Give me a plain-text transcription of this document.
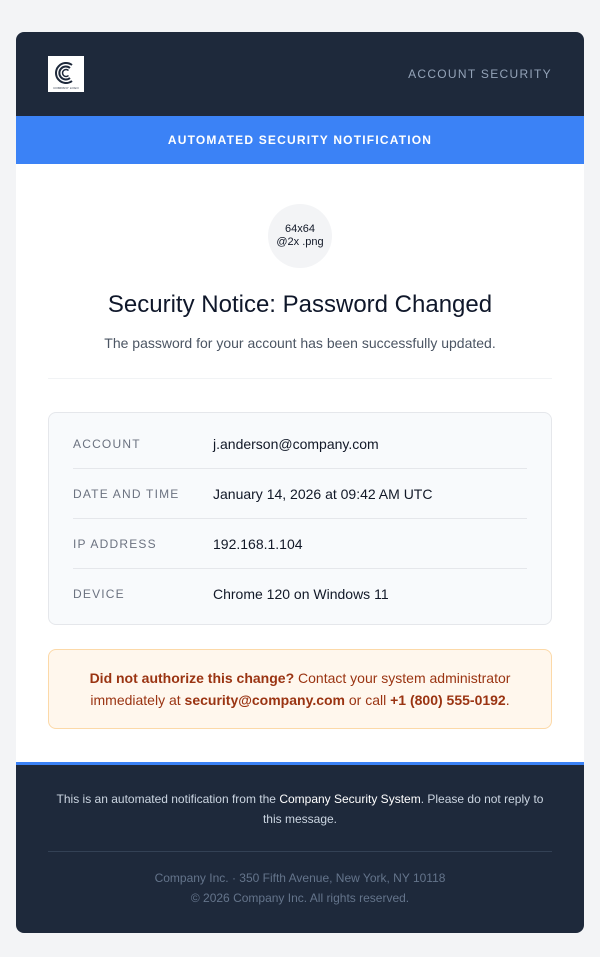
COMPANY LOGO
ACCOUNT SECURITY
AUTOMATED SECURITY NOTIFICATION
64x64
@2x .png
Security Notice: Password Changed

The password for your account has been successfully updated.

ACCOUNT	j.anderson@company.com
DATE AND TIME	January 14, 2026 at 09:42 AM UTC
IP ADDRESS	192.168.1.104
DEVICE	Chrome 120 on Windows 11
Did not authorize this change? Contact your system administrator immediately at security@company.com or call +1 (800) 555-0192.
This is an automated notification from the Company Security System. Please do not reply to this message.
Company Inc. · 350 Fifth Avenue, New York, NY 10118
© 2026 Company Inc. All rights reserved.
